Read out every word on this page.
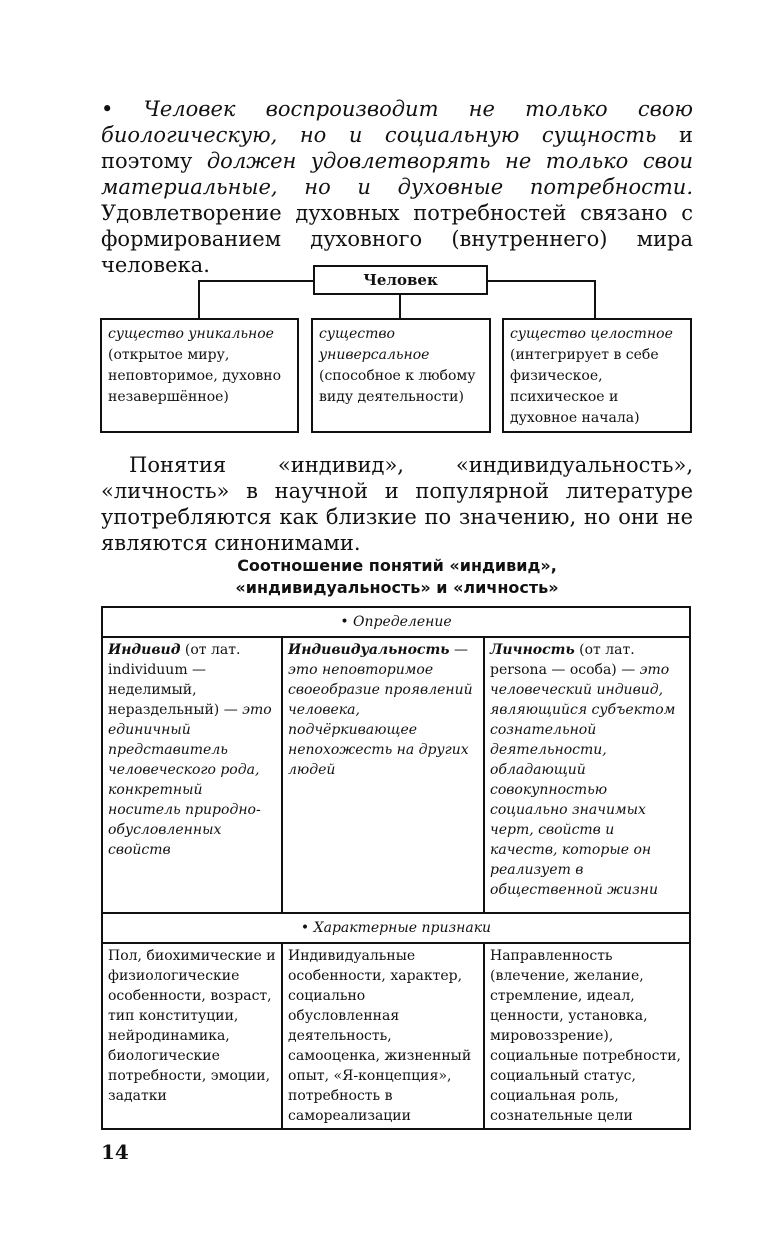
• Человек воспроизводит не только свою биологическую, но и социальную сущность и поэтому должен удовлетворять не только свои материальные, но и духовные потребности. Удовлетворение духовных потребностей связано с формированием духовного (внутреннего) мира человека.
Человек
существо уникальное (открытое миру, неповторимое, духовно незавершённое)
существо универсальное (способное к любому виду деятельности)
существо целостное (интегрирует в себе физическое, психическое и духовное начала)
Понятия «индивид», «индивидуальность», «личность» в научной и популярной литературе употребляются как близкие по значению, но они не являются синонимами.
Соотношение понятий «индивид»,
«индивидуальность» и «личность»
• Определение		
Индивид (от лат. individuum — неделимый, нераздельный) — это единичный представитель человеческого рода, конкретный носитель природно-обусловленных свойств	Индивидуальность — это неповторимое своеобразие проявлений человека, подчёркивающее непохожесть на других людей	Личность (от лат. persona — особа) — это человеческий индивид, являющийся субъектом сознательной деятельности, обладающий совокупностью социально значимых черт, свойств и качеств, которые он реализует в общественной жизни
• Характерные признаки		
Пол, биохимические и физиологические особенности, возраст, тип конституции, нейродинамика, биологические потребности, эмоции, задатки	Индивидуальные особенности, характер, социально обусловленная деятельность, самооценка, жизненный опыт, «Я-концепция», потребность в самореализации	Направленность (влечение, желание, стремление, идеал, ценности, установка, мировоззрение), социальные потребности, социальный статус, социальная роль, сознательные цели
14
